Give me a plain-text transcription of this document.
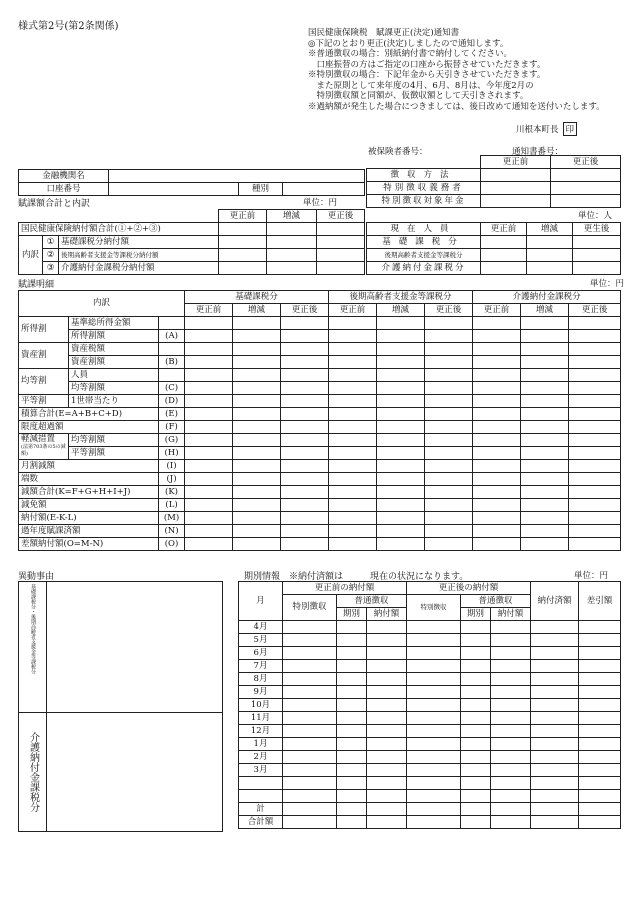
様式第2号(第2条関係)
国民健康保険税　賦課更正(決定)通知書
◎下記のとおり更正(決定)しましたので通知します。
※普通徴収の場合：別紙納付書で納付してください。
　口座振替の方はご指定の口座から振替させていただきます。
※特別徴収の場合：下記年金から天引きさせていただきます。
　また原則として来年度の4月、6月、8月は、今年度2月の
　特別徴収額と同額が、仮徴収額として天引きされます。
※過納額が発生した場合につきましては、後日改めて通知を送付いたします。
川根本町長 印
被保険者番号：	通知書番号：
金融機関名			
口座番号		種別	
	更正前	更正後
徴収方法		
特別徴収義務者		
特別徴収対象年金		
賦課額合計と内訳	単位：円
			更正前	増減	更正後
国民健康保険納付額合計(①+②+③)					
内訳	①	基礎課税分納付額			
	②	後期高齢者支援金等課税分納付額			
	③	介護納付金課税分納付額			
単位：人
現在人員	更正前	増減	更生後
基礎課税分			
後期高齢者支援金等課税分			
介護納付金課税分			
賦課明細	単位：円
内訳			基礎課税分			後期高齢者支援金等課税分			介護納付金課税分		
			更正前	増減	更正後	更正前	増減	更正後	更正前	増減	更正後
所得割	基準総所得金額										
	所得割額	(A)									
資産割	資産税額										
	資産割額	(B)									
均等割	人員										
	均等割額	(C)									
平等割	1世帯当たり	(D)									
積算合計(E=A+B+C+D)		(E)									
限度超過額		(F)									

軽減措置
(法第703条の5の減額)	均等割額	(G)									
	平等割額	(H)									
月割減額		(I)									
端数		(J)									
減額合計(K=F+G+H+I+J)		(K)									
減免額		(L)									
納付額(E-K-L)		(M)									
過年度賦課済額		(N)									
差額納付額(O=M-N)		(O)									
異動事由
基礎課税分・後期高齢者支援金等課税分	

介護納付金課税分	

期別情報　 ※納付済額は　　　現在の状況になります。	単位：円
月	更正前の納付額			更正後の納付額			納付済額	差引額
	特別徴収	普通徴収		特別徴収	普通徴収			
		期別	納付額		期別	納付額		
4月								
5月								
6月								
7月								
8月								
9月								
10月								
11月								
12月								
1月								
2月								
3月								

計								
合計額								
